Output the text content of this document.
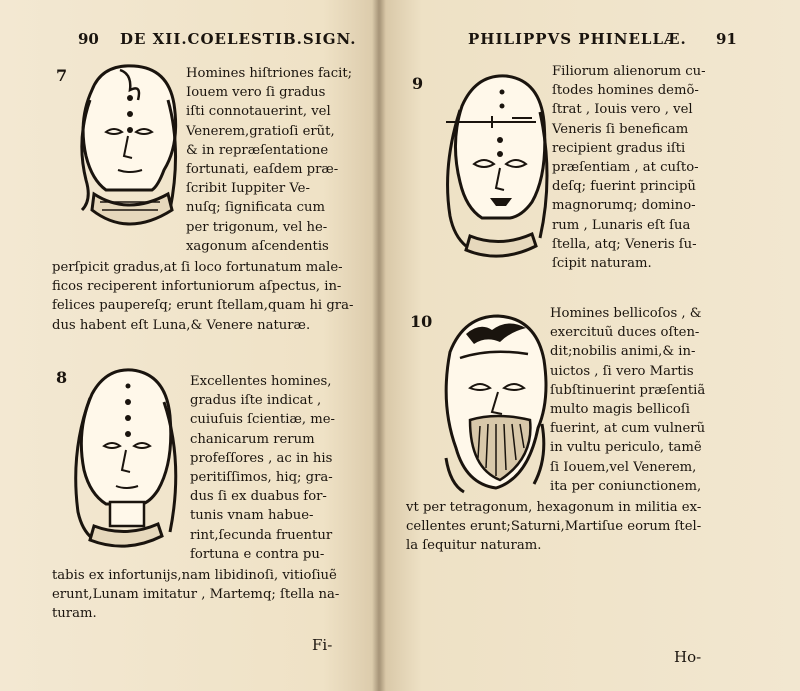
90 DE XII.COELESTIB.SIGN.
7	Homines hiſtriones facit;
Iouem vero ſi gradus
iſti connotauerint, vel
Venerem,gratioſi erũt,
& in repræſentatione
fortunati, eaſdem præ-
ſcribit Iuppiter Ve-
nuſq; ſignificata cum
per trigonum, vel he-
xagonum aſcendentis
perſpicit gradus,at ſi loco fortunatum male-
ficos reciperent infortuniorum aſpectus, in-
felices paupereſq; erunt ſtellam,quam hi gra-
dus habent eſt Luna,& Venere naturæ.
8	Excellentes homines,
gradus iſte indicat ,
cuiuſuis ſcientiæ, me-
chanicarum rerum
profeſſores , ac in his
peritiſſimos, hiq; gra-
dus ſi ex duabus for-
tunis vnam habue-
rint,ſecunda fruentur
fortuna e contra pu-
tabis ex infortunijs,nam libidinoſi, vitioſiuẽ
erunt,Lunam imitatur , Martemq; ſtella na-
turam.
Fi-
PHILIPPVS PHINELLÆ. 91
9
Filiorum alienorum cu-
ſtodes homines demõ-
ſtrat , Iouis vero , vel
Veneris ſi beneficam
recipient gradus iſti
præſentiam , at cuſto-
deſq; fuerint principũ
magnorumq; domino-
rum , Lunaris eſt ſua
ſtella, atq; Veneris ſu-
ſcipit naturam.
10	Homines bellicoſos , &
exercituũ duces oſten-
dit;nobilis animi,& in-
uictos , ſi vero Martis
ſubſtinuerint præſentiã
multo magis bellicoſi
fuerint, at cum vulnerũ
in vultu periculo, tamẽ
ſi Iouem,vel Venerem,
ita per coniunctionem,
vt per tetragonum, hexagonum in militia ex-
cellentes erunt;Saturni,Martiſue eorum ſtel-
la ſequitur naturam.
Ho-
